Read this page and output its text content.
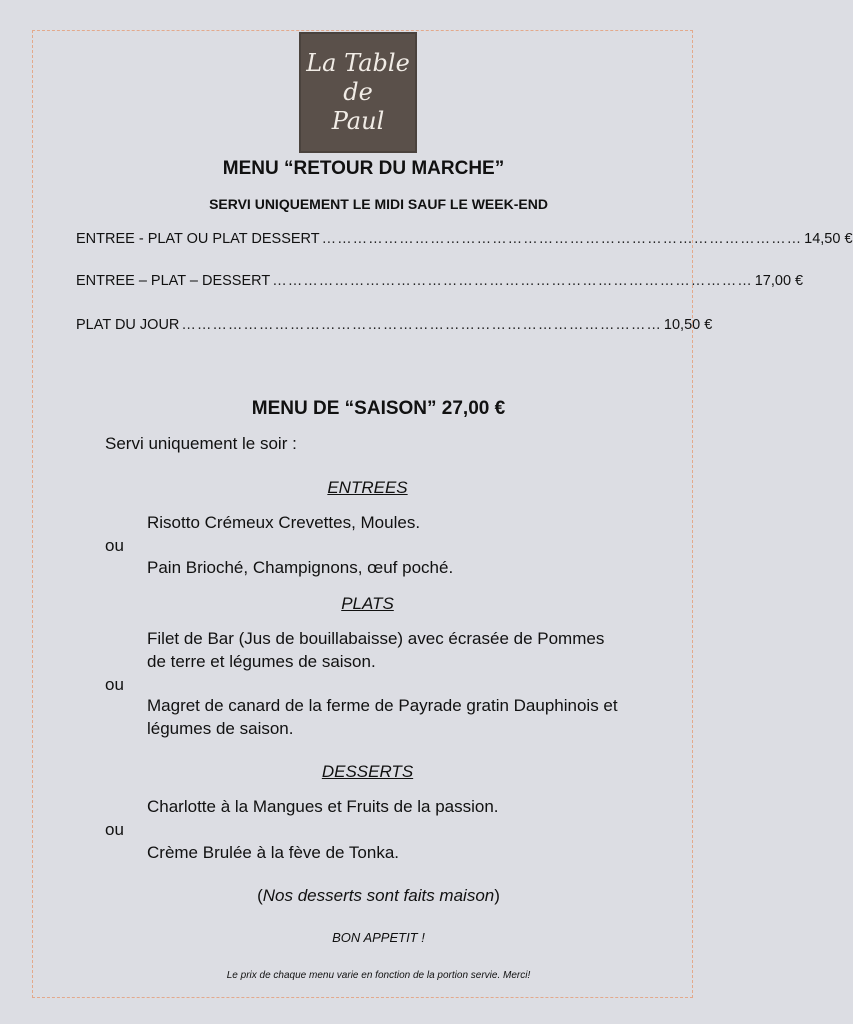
La Table
de
Paul
MENU “RETOUR DU MARCHE”
SERVI UNIQUEMENT LE MIDI SAUF LE WEEK-END
ENTREE - PLAT OU PLAT DESSERT ………………………………………………………………………………… 14,50 €
ENTREE – PLAT – DESSERT ………………………………………………………………………………… 17,00 €
PLAT DU JOUR ………………………………………………………………………………… 10,50 €
MENU DE “SAISON” 27,00 €
Servi uniquement le soir :
ENTREES
Risotto Crémeux Crevettes, Moules.
ou
Pain Brioché, Champignons, œuf poché.
PLATS
Filet de Bar (Jus de bouillabaisse) avec écrasée de Pommes
de terre et légumes de saison.
ou
Magret de canard de la ferme de Payrade gratin Dauphinois et
légumes de saison.
DESSERTS
Charlotte à la Mangues et Fruits de la passion.
ou
Crème Brulée à la fève de Tonka.
(Nos desserts sont faits maison)
BON APPETIT !
Le prix de chaque menu varie en fonction de la portion servie. Merci!
